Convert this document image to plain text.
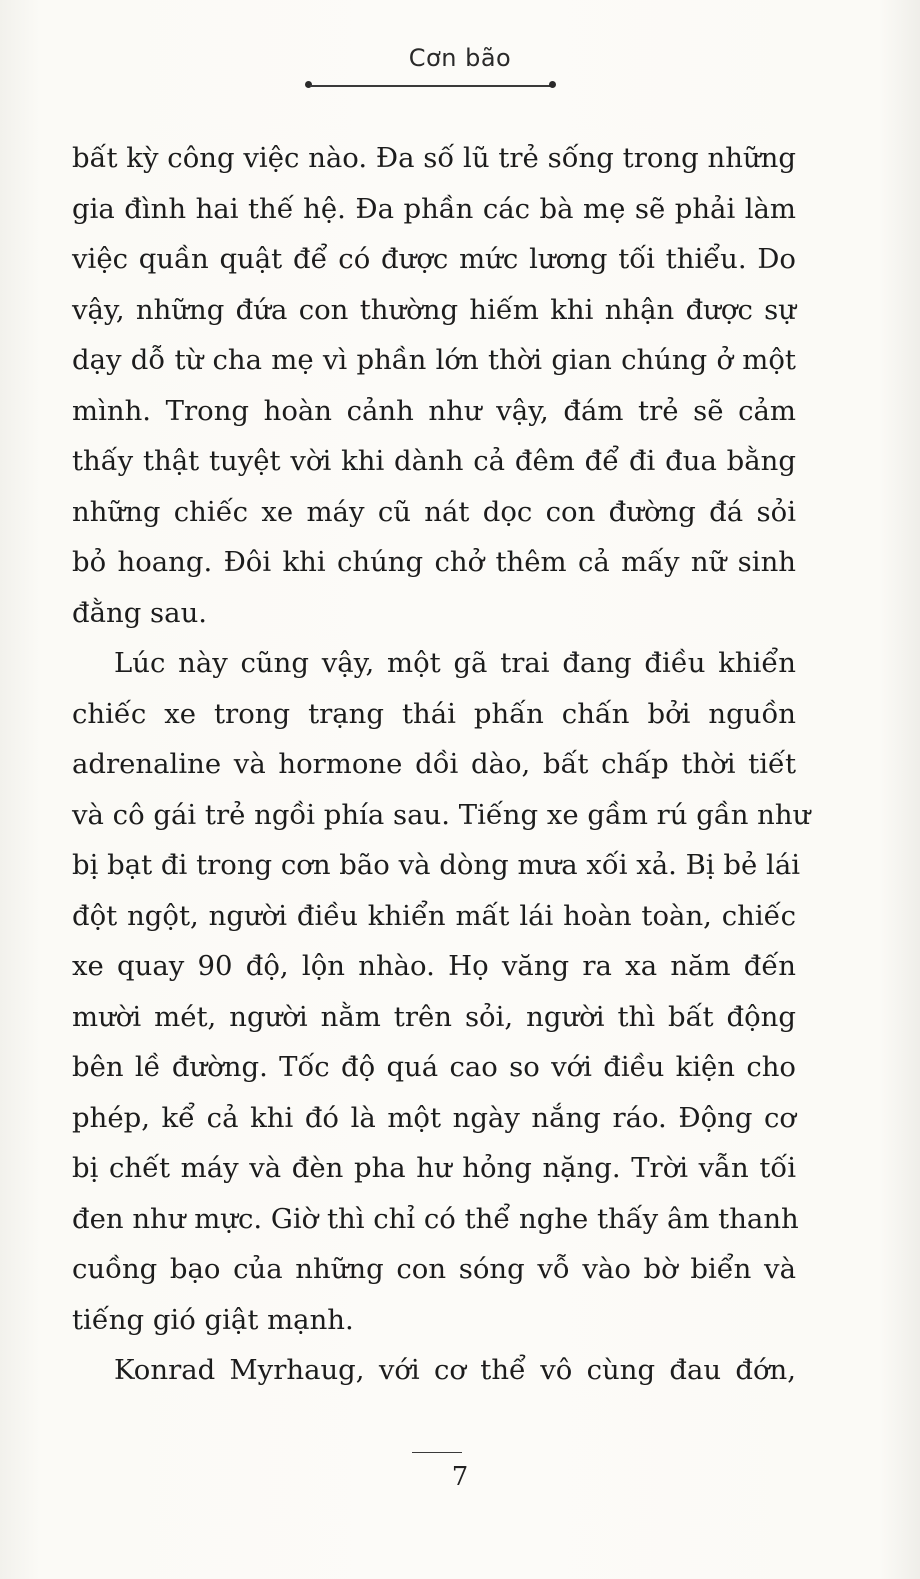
Cơn bão
bất kỳ công việc nào. Đa số lũ trẻ sống trong những
gia đình hai thế hệ. Đa phần các bà mẹ sẽ phải làm
việc quần quật để có được mức lương tối thiểu. Do
vậy, những đứa con thường hiếm khi nhận được sự
dạy dỗ từ cha mẹ vì phần lớn thời gian chúng ở một
mình. Trong hoàn cảnh như vậy, đám trẻ sẽ cảm
thấy thật tuyệt vời khi dành cả đêm để đi đua bằng
những chiếc xe máy cũ nát dọc con đường đá sỏi
bỏ hoang. Đôi khi chúng chở thêm cả mấy nữ sinh
đằng sau.
Lúc này cũng vậy, một gã trai đang điều khiển
chiếc xe trong trạng thái phấn chấn bởi nguồn
adrenaline và hormone dồi dào, bất chấp thời tiết
và cô gái trẻ ngồi phía sau. Tiếng xe gầm rú gần như
bị bạt đi trong cơn bão và dòng mưa xối xả. Bị bẻ lái
đột ngột, người điều khiển mất lái hoàn toàn, chiếc
xe quay 90 độ, lộn nhào. Họ văng ra xa năm đến
mười mét, người nằm trên sỏi, người thì bất động
bên lề đường. Tốc độ quá cao so với điều kiện cho
phép, kể cả khi đó là một ngày nắng ráo. Động cơ
bị chết máy và đèn pha hư hỏng nặng. Trời vẫn tối
đen như mực. Giờ thì chỉ có thể nghe thấy âm thanh
cuồng bạo của những con sóng vỗ vào bờ biển và
tiếng gió giật mạnh.
Konrad Myrhaug, với cơ thể vô cùng đau đớn,
7
